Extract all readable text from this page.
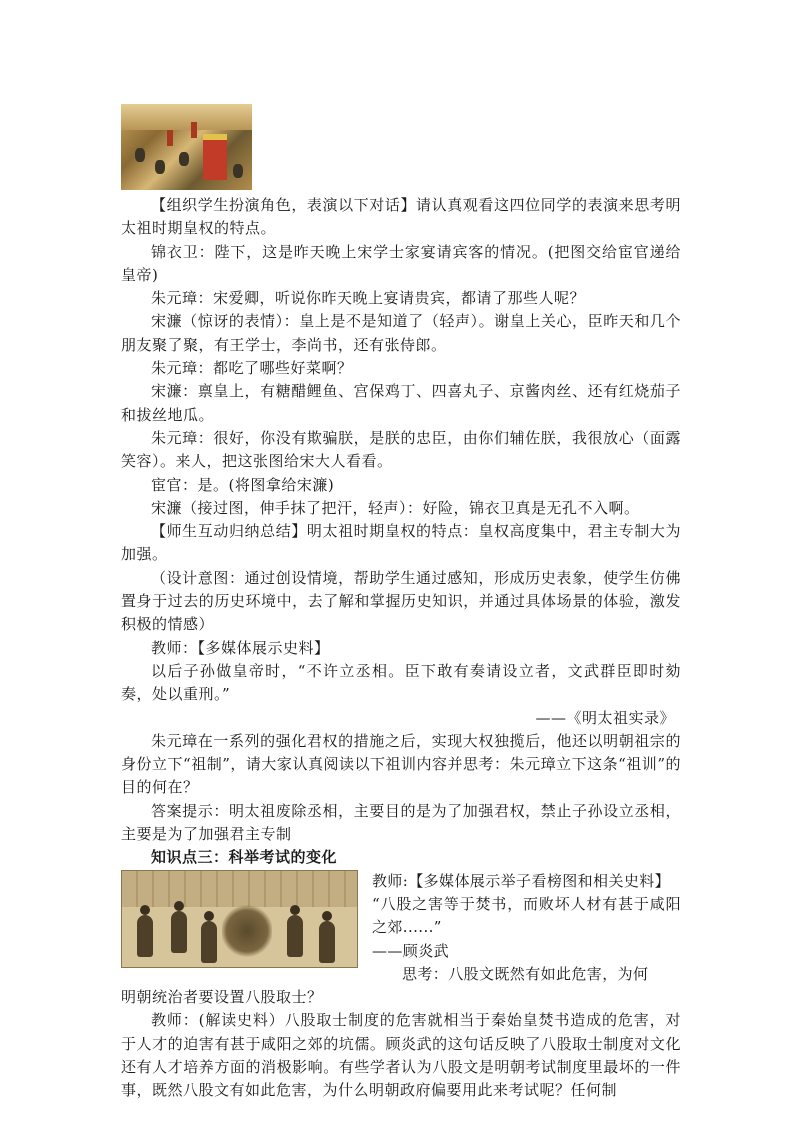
【组织学生扮演角色，表演以下对话】请认真观看这四位同学的表演来思考明太祖时期皇权的特点。

锦衣卫：陛下，这是昨天晚上宋学士家宴请宾客的情况。(把图交给宦官递给皇帝)

朱元璋：宋爱卿，听说你昨天晚上宴请贵宾，都请了那些人呢？

宋濂（惊讶的表情）：皇上是不是知道了（轻声）。谢皇上关心，臣昨天和几个朋友聚了聚，有王学士，李尚书，还有张侍郎。

朱元璋：都吃了哪些好菜啊？

宋濂：禀皇上，有糖醋鲤鱼、宫保鸡丁、四喜丸子、京酱肉丝、还有红烧茄子和拔丝地瓜。

朱元璋：很好，你没有欺骗朕，是朕的忠臣，由你们辅佐朕，我很放心（面露笑容）。来人，把这张图给宋大人看看。

宦官：是。(将图拿给宋濂)

宋濂（接过图，伸手抹了把汗，轻声）：好险，锦衣卫真是无孔不入啊。

【师生互动归纳总结】明太祖时期皇权的特点：皇权高度集中，君主专制大为加强。

（设计意图：通过创设情境，帮助学生通过感知，形成历史表象，使学生仿佛置身于过去的历史环境中，去了解和掌握历史知识，并通过具体场景的体验，激发积极的情感）

教师：【多媒体展示史料】

以后子孙做皇帝时，“不许立丞相。臣下敢有奏请设立者，文武群臣即时劾奏，处以重刑。”

——《明太祖实录》

朱元璋在一系列的强化君权的措施之后，实现大权独揽后，他还以明朝祖宗的身份立下“祖制”，请大家认真阅读以下祖训内容并思考：朱元璋立下这条“祖训”的目的何在？

答案提示：明太祖废除丞相，主要目的是为了加强君权，禁止子孙设立丞相，主要是为了加强君主专制

知识点三：科举考试的变化

教师:【多媒体展示举子看榜图和相关史料】

“八股之害等于焚书，而败坏人材有甚于咸阳之郊......”

——顾炎武

思考：八股文既然有如此危害，为何

明朝统治者要设置八股取士？

教师：(解读史料）八股取士制度的危害就相当于秦始皇焚书造成的危害，对于人才的迫害有甚于咸阳之郊的坑儒。顾炎武的这句话反映了八股取士制度对文化还有人才培养方面的消极影响。有些学者认为八股文是明朝考试制度里最坏的一件事，既然八股文有如此危害，为什么明朝政府偏要用此来考试呢？任何制
